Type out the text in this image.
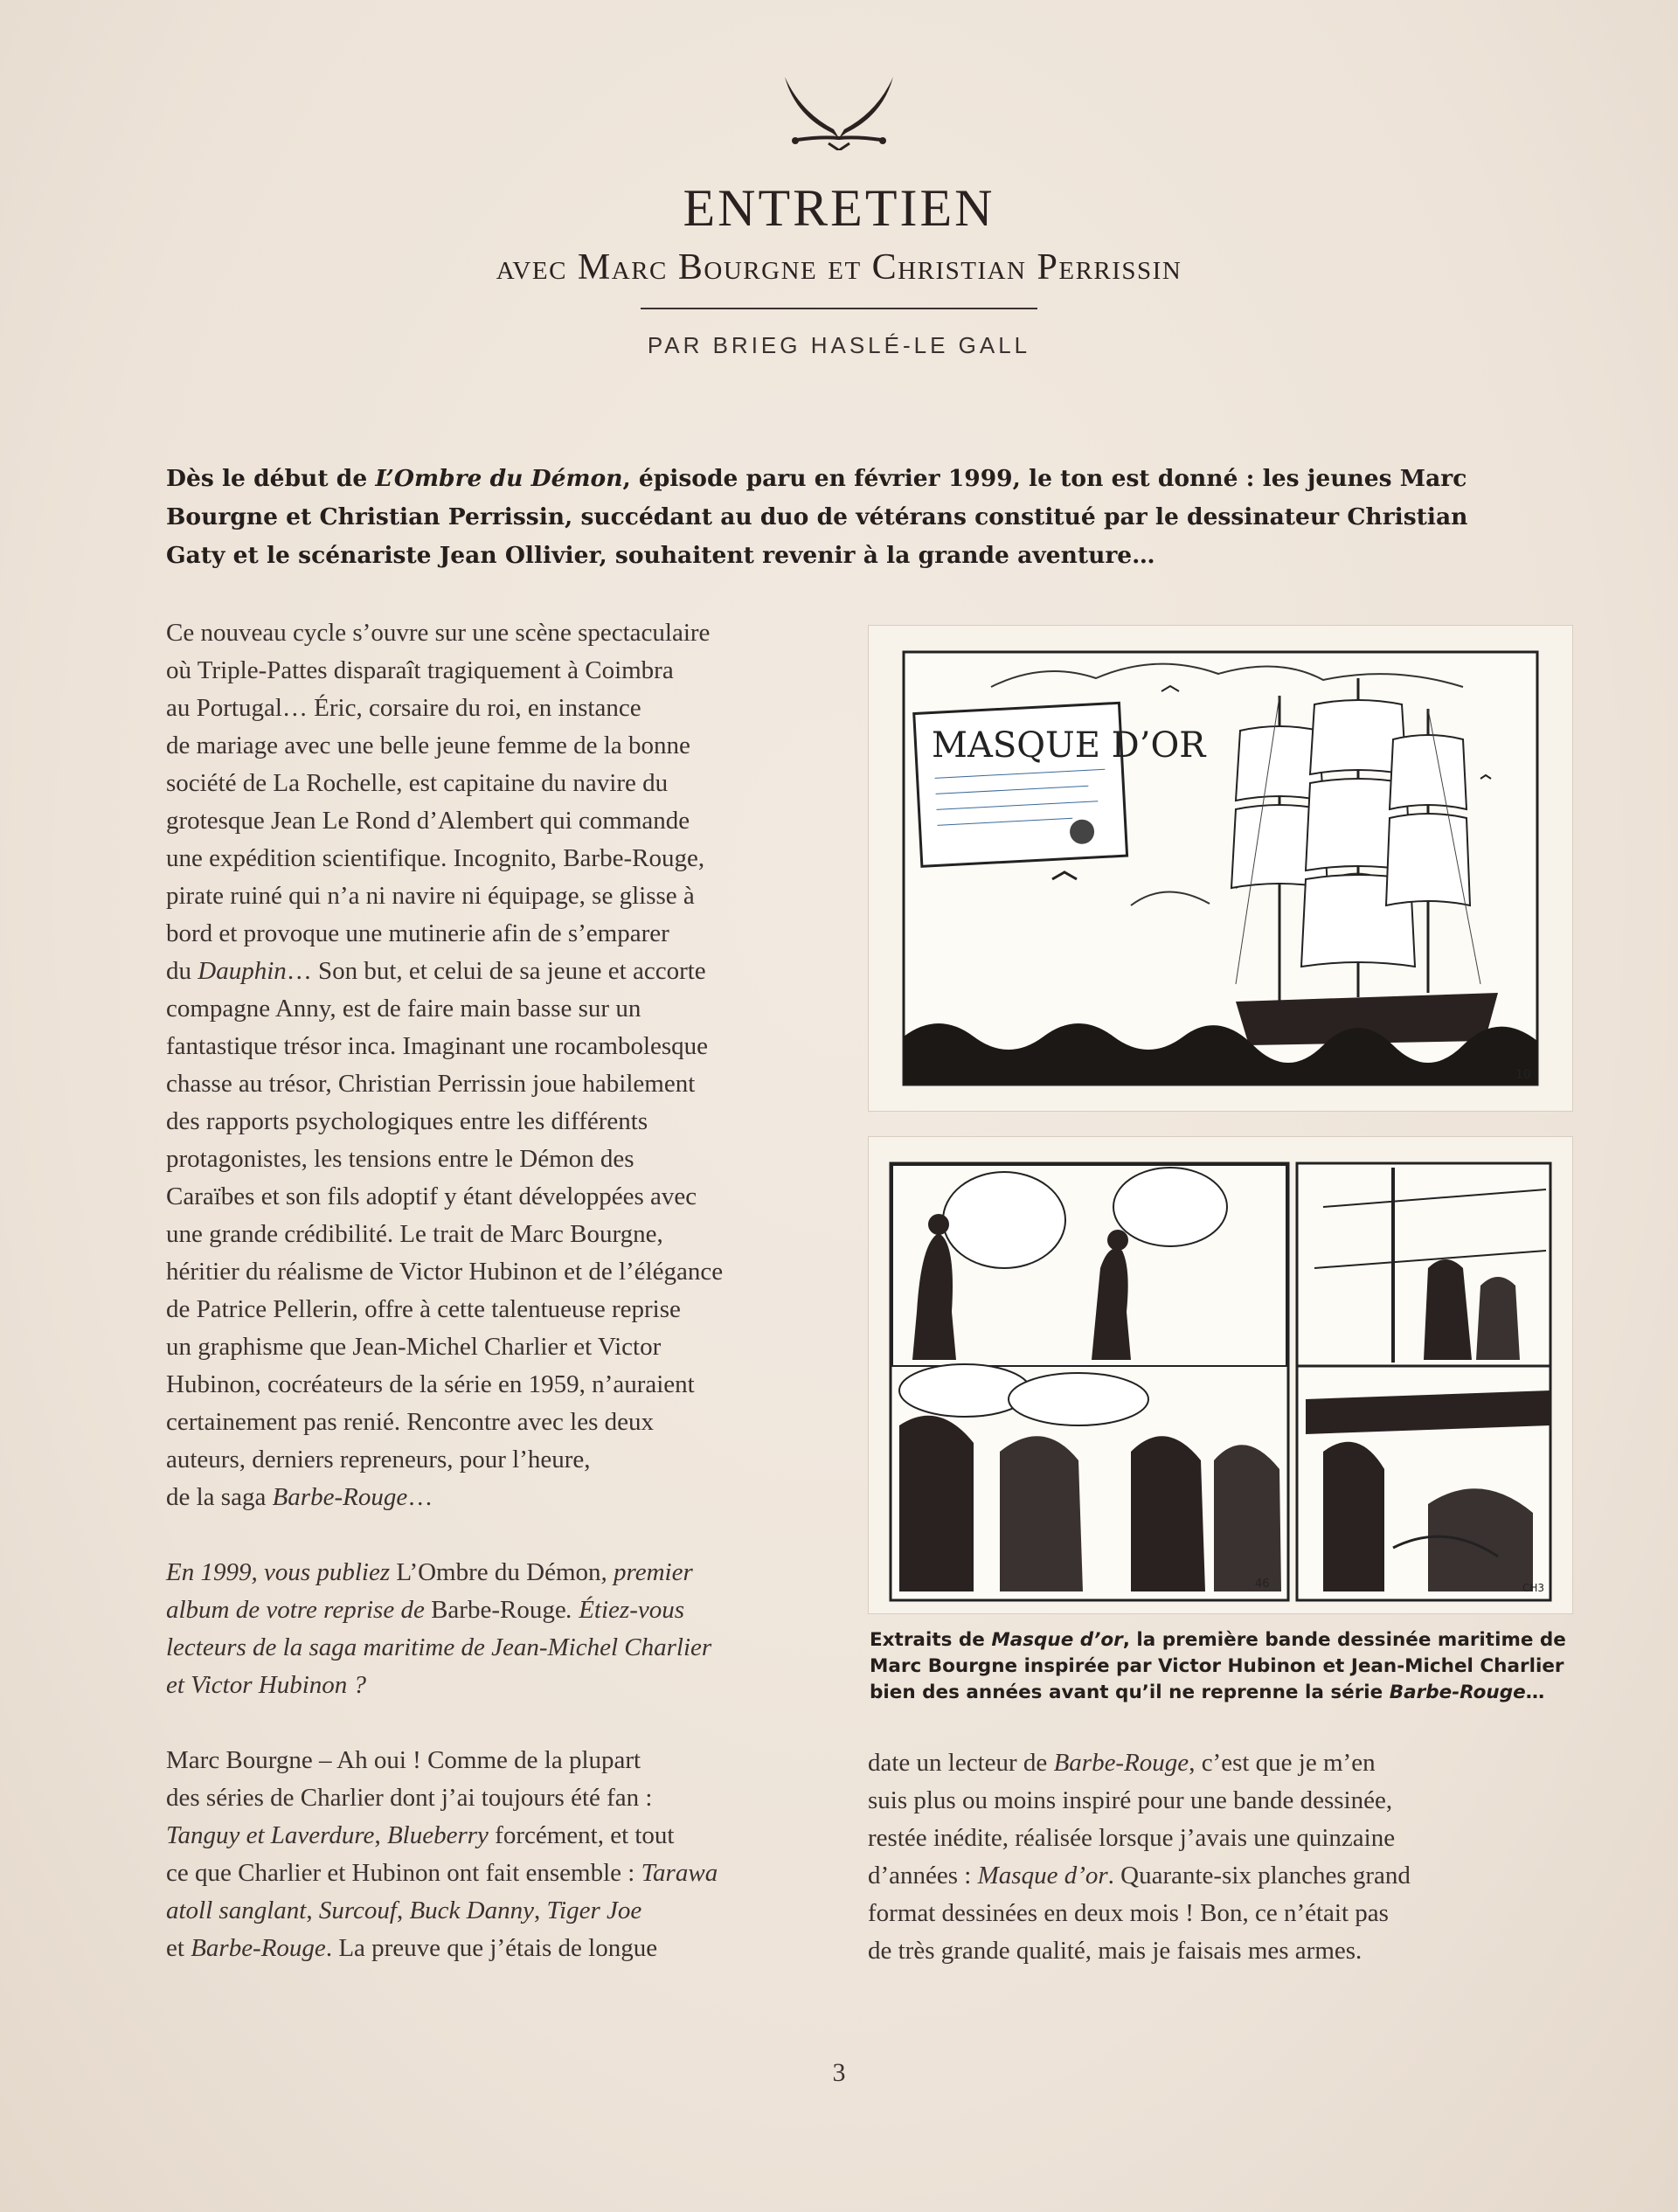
ENTRETIEN
avec Marc Bourgne et Christian Perrissin
PAR BRIEG HASLÉ-LE GALL
Dès le début de L’Ombre du Démon, épisode paru en février 1999, le ton est donné : les jeunes Marc
Bourgne et Christian Perrissin, succédant au duo de vétérans constitué par le dessinateur Christian
Gaty et le scénariste Jean Ollivier, souhaitent revenir à la grande aventure…

Ce nouveau cycle s’ouvre sur une scène spectaculaire
où Triple-Pattes disparaît tragiquement à Coimbra
au Portugal… Éric, corsaire du roi, en instance
de mariage avec une belle jeune femme de la bonne
société de La Rochelle, est capitaine du navire du
grotesque Jean Le Rond d’Alembert qui commande
une expédition scientifique. Incognito, Barbe-Rouge,
pirate ruiné qui n’a ni navire ni équipage, se glisse à
bord et provoque une mutinerie afin de s’emparer
du Dauphin… Son but, et celui de sa jeune et accorte
compagne Anny, est de faire main basse sur un
fantastique trésor inca. Imaginant une rocambolesque
chasse au trésor, Christian Perrissin joue habilement
des rapports psychologiques entre les différents
protagonistes, les tensions entre le Démon des
Caraïbes et son fils adoptif y étant développées avec
une grande crédibilité. Le trait de Marc Bourgne,
héritier du réalisme de Victor Hubinon et de l’élégance
de Patrice Pellerin, offre à cette talentueuse reprise
un graphisme que Jean-Michel Charlier et Victor
Hubinon, cocréateurs de la série en 1959, n’auraient
certainement pas renié. Rencontre avec les deux
auteurs, derniers repreneurs, pour l’heure,
de la saga Barbe-Rouge…

En 1999, vous publiez L’Ombre du Démon, premier
album de votre reprise de Barbe-Rouge. Étiez-vous
lecteurs de la saga maritime de Jean-Michel Charlier
et Victor Hubinon ?

Marc Bourgne – Ah oui ! Comme de la plupart
des séries de Charlier dont j’ai toujours été fan :
Tanguy et Laverdure, Blueberry forcément, et tout
ce que Charlier et Hubinon ont fait ensemble : Tarawa
atoll sanglant, Surcouf, Buck Danny, Tiger Joe
et Barbe-Rouge. La preuve que j’étais de longue

MASQUE D’OR
10
46	CH3
Extraits de Masque d’or, la première bande dessinée maritime de
Marc Bourgne inspirée par Victor Hubinon et Jean-Michel Charlier
bien des années avant qu’il ne reprenne la série Barbe-Rouge…

date un lecteur de Barbe-Rouge, c’est que je m’en
suis plus ou moins inspiré pour une bande dessinée,
restée inédite, réalisée lorsque j’avais une quinzaine
d’années : Masque d’or. Quarante-six planches grand
format dessinées en deux mois ! Bon, ce n’était pas
de très grande qualité, mais je faisais mes armes.

3
